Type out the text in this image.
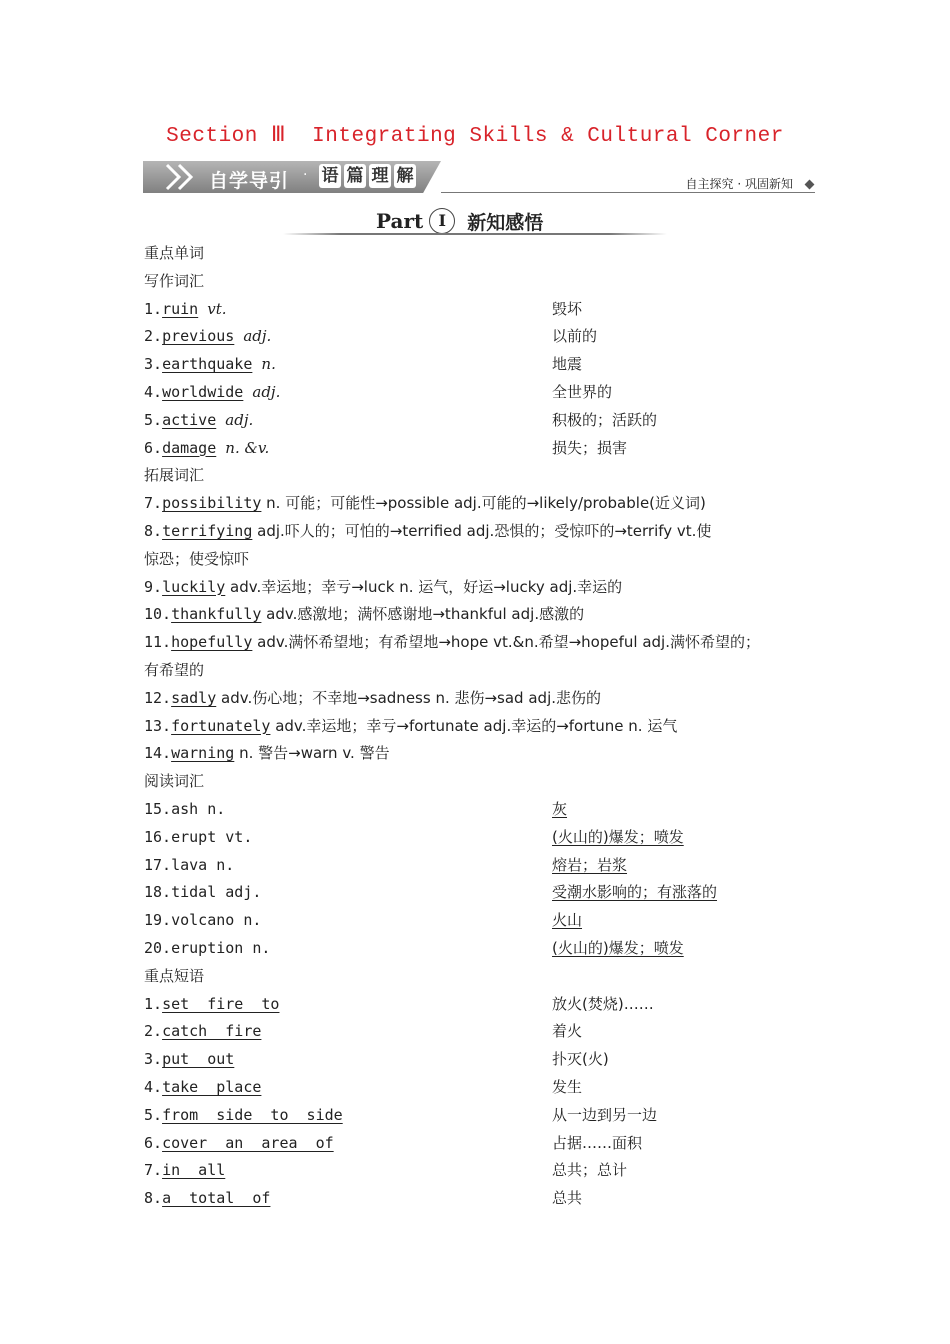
Section Ⅲ  Integrating Skills & Cultural Corner
自学导引 · 语 篇 理 解	自主探究 · 巩固新知
Part I	新知感悟
重点单词
写作词汇
1.ruin vt.	毁坏
2.previous adj.	以前的
3.earthquake n.	地震
4.worldwide adj.	全世界的
5.active adj.	积极的；活跃的
6.damage n. &v.	损失；损害
拓展词汇
7.possibility n. 可能；可能性→possible adj.可能的→likely/probable(近义词)
8.terrifying adj.吓人的；可怕的→terrified adj.恐惧的；受惊吓的→terrify vt.使
惊恐；使受惊吓
9.luckily adv.幸运地；幸亏→luck n. 运气，好运→lucky adj.幸运的
10.thankfully adv.感激地；满怀感谢地→thankful adj.感激的
11.hopefully adv.满怀希望地；有希望地→hope vt.&n.希望→hopeful adj.满怀希望的；
有希望的
12.sadly adv.伤心地；不幸地→sadness n. 悲伤→sad adj.悲伤的
13.fortunately adv.幸运地；幸亏→fortunate adj.幸运的→fortune n. 运气
14.warning n. 警告→warn v. 警告
阅读词汇
15.ash n.	灰
16.erupt vt.	(火山的)爆发；喷发
17.lava n.	熔岩；岩浆
18.tidal adj.	受潮水影响的；有涨落的
19.volcano n.	火山
20.eruption n.	(火山的)爆发；喷发
重点短语
1.set  fire  to	放火(焚烧)……
2.catch  fire	着火
3.put  out	扑灭(火)
4.take  place	发生
5.from  side  to  side	从一边到另一边
6.cover  an  area  of	占据……面积
7.in  all	总共；总计
8.a  total  of	总共
